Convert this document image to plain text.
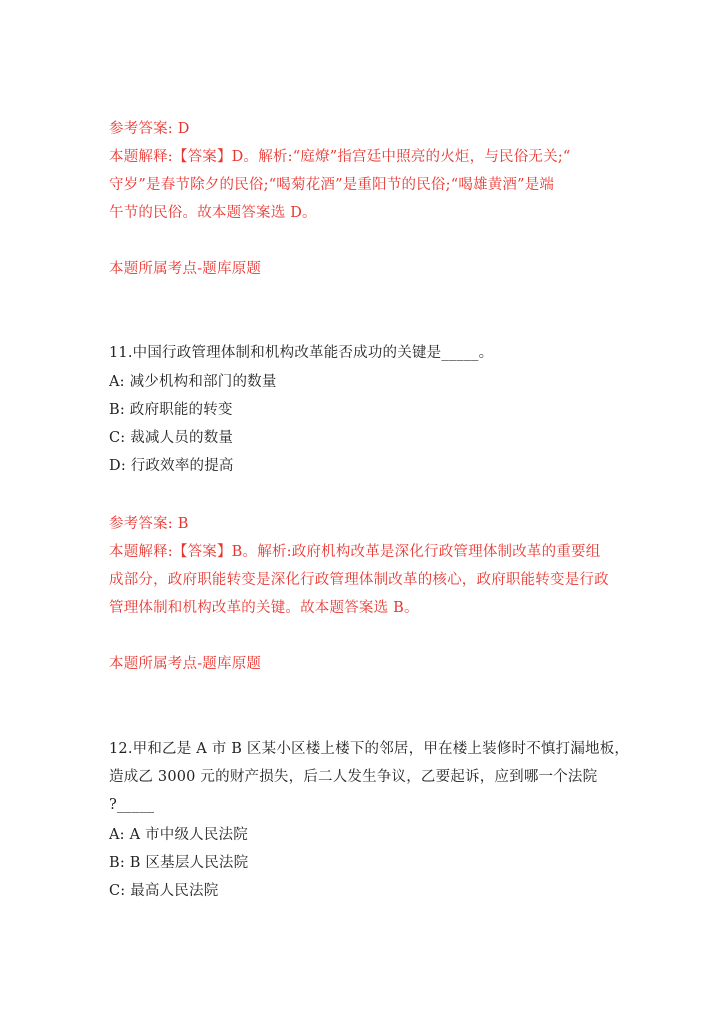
参考答案: D
本题解释:【答案】D。解析:“庭燎”指宫廷中照亮的火炬，与民俗无关;“
守岁”是春节除夕的民俗;“喝菊花酒”是重阳节的民俗;“喝雄黄酒”是端
午节的民俗。故本题答案选 D。
本题所属考点-题库原题
11.中国行政管理体制和机构改革能否成功的关键是_____。
A: 减少机构和部门的数量
B: 政府职能的转变
C: 裁减人员的数量
D: 行政效率的提高
参考答案: B
本题解释:【答案】B。解析:政府机构改革是深化行政管理体制改革的重要组
成部分，政府职能转变是深化行政管理体制改革的核心，政府职能转变是行政
管理体制和机构改革的关键。故本题答案选 B。
本题所属考点-题库原题
12.甲和乙是 A 市 B 区某小区楼上楼下的邻居，甲在楼上装修时不慎打漏地板，
造成乙 3000 元的财产损失，后二人发生争议，乙要起诉，应到哪一个法院
?_____
A: A 市中级人民法院
B: B 区基层人民法院
C: 最高人民法院
